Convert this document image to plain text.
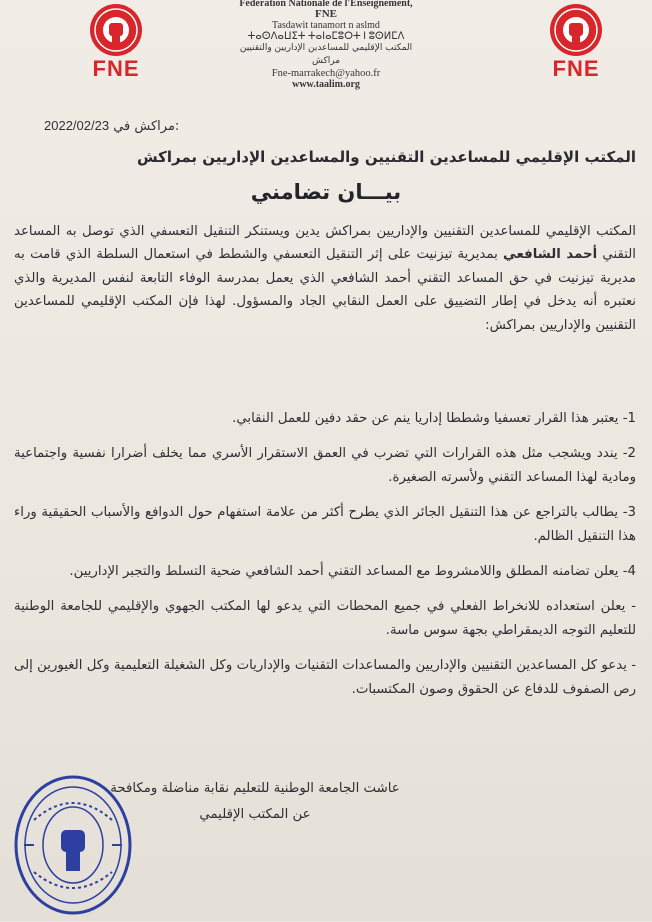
FNE	FNE
Fédération Nationale de l'Enseignement,
FNE
Tasdawit tanamort n aslmd
ⵜⴰⵙⴷⴰⵡⵉⵜ ⵜⴰⵏⴰⵎⵓⵔⵜ ⵏ ⵓⵙⵍⵎⴷ
المكتب الإقليمي للمساعدين الإداريين والتقنيين
مراكش
Fne-marrakech@yahoo.fr
www.taalim.org
2022/02/23 مراكش في:
المكتب الإقليمي للمساعدين التقنيين والمساعدين الإداريين بمراكش
بيـــان تضامني
المكتب الإقليمي للمساعدين التقنيين والإداريين بمراكش يدين ويستنكر التنقيل التعسفي الذي توصل به المساعد التقني أحمد الشافعي بمديرية تيزنيت على إثر التنقيل التعسفي والشطط في استعمال السلطة الذي قامت به مديرية تيزنيت في حق المساعد التقني أحمد الشافعي الذي يعمل بمدرسة الوفاء التابعة لنفس المديرية والذي نعتبره أنه يدخل في إطار التضييق على العمل النقابي الجاد والمسؤول. لهذا فإن المكتب الإقليمي للمساعدين التقنيين والإداريين بمراكش:
1- يعتبر هذا القرار تعسفيا وشططا إداريا ينم عن حقد دفين للعمل النقابي.
2- يندد ويشجب مثل هذه القرارات التي تضرب في العمق الاستقرار الأسري مما يخلف أضرارا نفسية واجتماعية ومادية لهذا المساعد التقني ولأسرته الصغيرة.
3- يطالب بالتراجع عن هذا التنقيل الجائر الذي يطرح أكثر من علامة استفهام حول الدوافع والأسباب الحقيقية وراء هذا التنقيل الظالم.
4- يعلن تضامنه المطلق واللامشروط مع المساعد التقني أحمد الشافعي ضحية التسلط والتجبر الإداريين.
- يعلن استعداده للانخراط الفعلي في جميع المحطات التي يدعو لها المكتب الجهوي والإقليمي للجامعة الوطنية للتعليم التوجه الديمقراطي بجهة سوس ماسة.
- يدعو كل المساعدين التقنيين والإداريين والمساعدات التقنيات والإداريات وكل الشغيلة التعليمية وكل الغيورين إلى رص الصفوف للدفاع عن الحقوق وصون المكتسبات.
عاشت الجامعة الوطنية للتعليم نقابة مناضلة ومكافحة
عن المكتب الإقليمي
